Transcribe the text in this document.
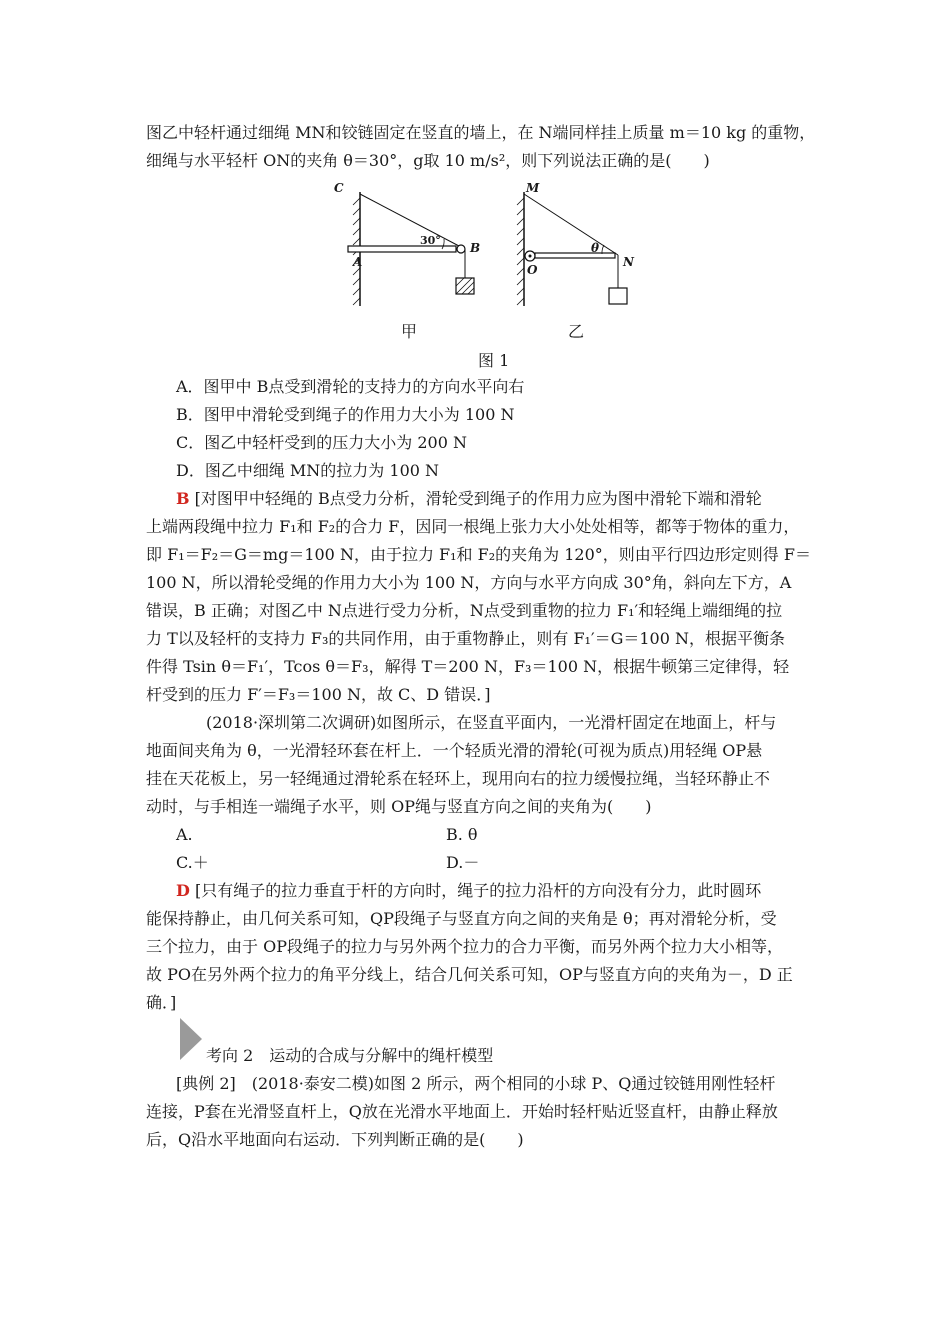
图乙中轻杆通过细绳 MN和铰链固定在竖直的墙上，在 N端同样挂上质量 m＝10 kg 的重物，
细绳与水平轻杆 ON的夹角 θ＝30°，g取 10 m/s²，则下列说法正确的是(　　)
C
A
B
30°
甲
M
O
N
θ
乙
图 1
A．图甲中 B点受到滑轮的支持力的方向水平向右
B．图甲中滑轮受到绳子的作用力大小为 100 N
C．图乙中轻杆受到的压力大小为 200 N
D．图乙中细绳 MN的拉力为 100 N
B [对图甲中轻绳的 B点受力分析，滑轮受到绳子的作用力应为图中滑轮下端和滑轮
上端两段绳中拉力 F₁和 F₂的合力 F，因同一根绳上张力大小处处相等，都等于物体的重力，
即 F₁＝F₂＝G＝mg＝100 N，由于拉力 F₁和 F₂的夹角为 120°，则由平行四边形定则得 F＝
100 N，所以滑轮受绳的作用力大小为 100 N，方向与水平方向成 30°角，斜向左下方，A
错误，B 正确；对图乙中 N点进行受力分析，N点受到重物的拉力 F₁′和轻绳上端细绳的拉
力 T以及轻杆的支持力 F₃的共同作用，由于重物静止，则有 F₁′＝G＝100 N，根据平衡条
件得 Tsin θ＝F₁′，Tcos θ＝F₃，解得 T＝200 N，F₃＝100 N，根据牛顿第三定律得，轻
杆受到的压力 F′＝F₃＝100 N，故 C、D 错误．]
(2018·深圳第二次调研)如图所示，在竖直平面内，一光滑杆固定在地面上，杆与
地面间夹角为 θ，一光滑轻环套在杆上．一个轻质光滑的滑轮(可视为质点)用轻绳 OP悬
挂在天花板上，另一轻绳通过滑轮系在轻环上，现用向右的拉力缓慢拉绳，当轻环静止不
动时，与手相连一端绳子水平，则 OP绳与竖直方向之间的夹角为(　　)
A.	B. θ
C.＋	D.－
D [只有绳子的拉力垂直于杆的方向时，绳子的拉力沿杆的方向没有分力，此时圆环
能保持静止，由几何关系可知，QP段绳子与竖直方向之间的夹角是 θ；再对滑轮分析，受
三个拉力，由于 OP段绳子的拉力与另外两个拉力的合力平衡，而另外两个拉力大小相等，
故 PO在另外两个拉力的角平分线上，结合几何关系可知，OP与竖直方向的夹角为－，D 正
确．]
考向 2　运动的合成与分解中的绳杆模型
[典例 2]　(2018·泰安二模)如图 2 所示，两个相同的小球 P、Q通过铰链用刚性轻杆
连接，P套在光滑竖直杆上，Q放在光滑水平地面上．开始时轻杆贴近竖直杆，由静止释放
后，Q沿水平地面向右运动．下列判断正确的是(　　)
